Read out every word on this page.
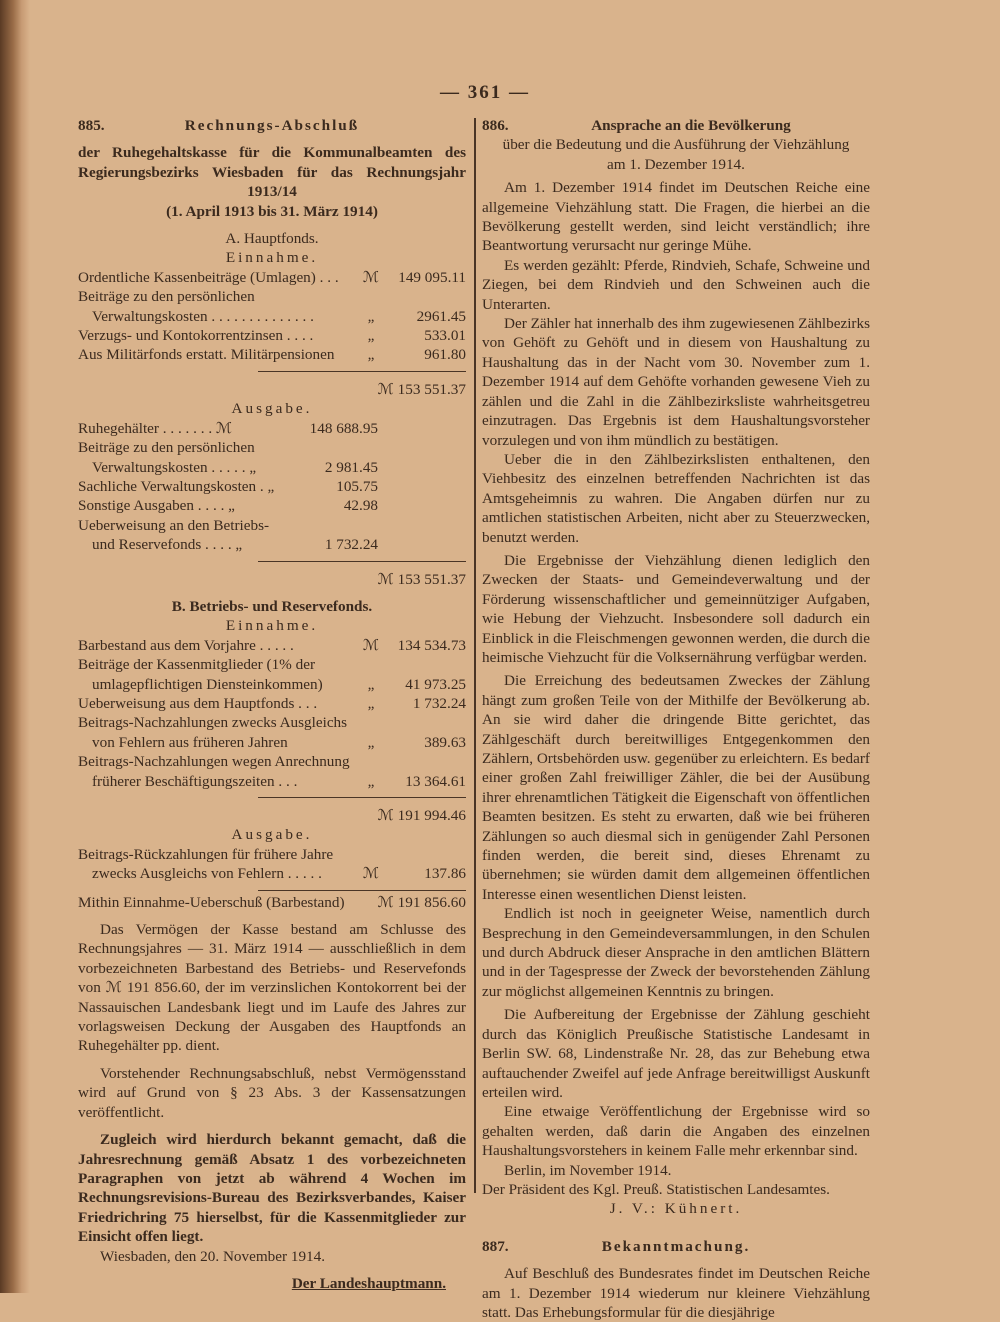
— 361 —
885.	Rechnungs-Abschluß
der Ruhegehaltskasse für die Kommunalbeamten des Regierungsbezirks Wiesbaden für das Rechnungsjahr 1913/14
(1. April 1913 bis 31. März 1914)
A. Hauptfonds.
Einnahme.
Ordentliche Kassenbeiträge (Umlagen) . . .	ℳ	149 095.11
Beiträge zu den persönlichen Verwaltungskosten . . . . . . . . . . . . . .	„	2961.45
Verzugs- und Kontokorrentzinsen . . . .	„	533.01
Aus Militärfonds erstatt. Militärpensionen	„	961.80
ℳ 153 551.37
Ausgabe.
Ruhegehälter . . . . . . . ℳ	148 688.95
Beiträge zu den persönlichen Verwaltungskosten . . . . . „	2 981.45
Sachliche Verwaltungskosten . „	105.75
Sonstige Ausgaben . . . . „	42.98
Ueberweisung an den Betriebs- und Reservefonds . . . . „	1 732.24
ℳ 153 551.37
B. Betriebs- und Reservefonds.
Einnahme.
Barbestand aus dem Vorjahre . . . . .	ℳ	134 534.73
Beiträge der Kassenmitglieder (1% der umlagepflichtigen Diensteinkommen)	„	41 973.25
Ueberweisung aus dem Hauptfonds . . .	„	1 732.24
Beitrags-Nachzahlungen zwecks Ausgleichs von Fehlern aus früheren Jahren	„	389.63
Beitrags-Nachzahlungen wegen Anrechnung früherer Beschäftigungszeiten . . .	„	13 364.61
ℳ 191 994.46
Ausgabe.
Beitrags-Rückzahlungen für frühere Jahre zwecks Ausgleichs von Fehlern . . . . .	ℳ	137.86
Mithin Einnahme-Ueberschuß (Barbestand) ℳ 191 856.60

Das Vermögen der Kasse bestand am Schlusse des Rechnungsjahres — 31. März 1914 — ausschließlich in dem vorbezeichneten Barbestand des Betriebs- und Reservefonds von ℳ 191 856.60, der im verzinslichen Kontokorrent bei der Nassauischen Landesbank liegt und im Laufe des Jahres zur vorlagsweisen Deckung der Ausgaben des Hauptfonds an Ruhegehälter pp. dient.

Vorstehender Rechnungsabschluß, nebst Vermögensstand wird auf Grund von § 23 Abs. 3 der Kassensatzungen veröffentlicht.

Zugleich wird hierdurch bekannt gemacht, daß die Jahresrechnung gemäß Absatz 1 des vorbezeichneten Paragraphen von jetzt ab während 4 Wochen im Rechnungsrevisions-Bureau des Bezirksverbandes, Kaiser Friedrichring 75 hierselbst, für die Kassenmitglieder zur Einsicht offen liegt.

Wiesbaden, den 20. November 1914.

Der Landeshauptmann.
886.	Ansprache an die Bevölkerung
über die Bedeutung und die Ausführung der Viehzählung
am 1. Dezember 1914.

Am 1. Dezember 1914 findet im Deutschen Reiche eine allgemeine Viehzählung statt. Die Fragen, die hierbei an die Bevölkerung gestellt werden, sind leicht verständlich; ihre Beantwortung verursacht nur geringe Mühe.

Es werden gezählt: Pferde, Rindvieh, Schafe, Schweine und Ziegen, bei dem Rindvieh und den Schweinen auch die Unterarten.

Der Zähler hat innerhalb des ihm zugewiesenen Zählbezirks von Gehöft zu Gehöft und in diesem von Haushaltung zu Haushaltung das in der Nacht vom 30. November zum 1. Dezember 1914 auf dem Gehöfte vorhanden gewesene Vieh zu zählen und die Zahl in die Zählbezirksliste wahrheitsgetreu einzutragen. Das Ergebnis ist dem Haushaltungsvorsteher vorzulegen und von ihm mündlich zu bestätigen.

Ueber die in den Zählbezirkslisten enthaltenen, den Viehbesitz des einzelnen betreffenden Nachrichten ist das Amtsgeheimnis zu wahren. Die Angaben dürfen nur zu amtlichen statistischen Arbeiten, nicht aber zu Steuerzwecken, benutzt werden.

Die Ergebnisse der Viehzählung dienen lediglich den Zwecken der Staats- und Gemeindeverwaltung und der Förderung wissenschaftlicher und gemeinnütziger Aufgaben, wie Hebung der Viehzucht. Insbesondere soll dadurch ein Einblick in die Fleischmengen gewonnen werden, die durch die heimische Viehzucht für die Volksernährung verfügbar werden.

Die Erreichung des bedeutsamen Zweckes der Zählung hängt zum großen Teile von der Mithilfe der Bevölkerung ab. An sie wird daher die dringende Bitte gerichtet, das Zählgeschäft durch bereitwilliges Entgegenkommen den Zählern, Ortsbehörden usw. gegenüber zu erleichtern. Es bedarf einer großen Zahl freiwilliger Zähler, die bei der Ausübung ihrer ehrenamtlichen Tätigkeit die Eigenschaft von öffentlichen Beamten besitzen. Es steht zu erwarten, daß wie bei früheren Zählungen so auch diesmal sich in genügender Zahl Personen finden werden, die bereit sind, dieses Ehrenamt zu übernehmen; sie würden damit dem allgemeinen öffentlichen Interesse einen wesentlichen Dienst leisten.

Endlich ist noch in geeigneter Weise, namentlich durch Besprechung in den Gemeindeversammlungen, in den Schulen und durch Abdruck dieser Ansprache in den amtlichen Blättern und in der Tagespresse der Zweck der bevorstehenden Zählung zur möglichst allgemeinen Kenntnis zu bringen.

Die Aufbereitung der Ergebnisse der Zählung geschieht durch das Königlich Preußische Statistische Landesamt in Berlin SW. 68, Lindenstraße Nr. 28, das zur Behebung etwa auftauchender Zweifel auf jede Anfrage bereitwilligst Auskunft erteilen wird.

Eine etwaige Veröffentlichung der Ergebnisse wird so gehalten werden, daß darin die Angaben des einzelnen Haushaltungsvorstehers in keinem Falle mehr erkennbar sind.

Berlin, im November 1914.

Der Präsident des Kgl. Preuß. Statistischen Landesamtes.
J. V.: Kühnert.
887.	Bekanntmachung.

Auf Beschluß des Bundesrates findet im Deutschen Reiche am 1. Dezember 1914 wiederum nur kleinere Viehzählung statt. Das Erhebungsformular für die diesjährige
